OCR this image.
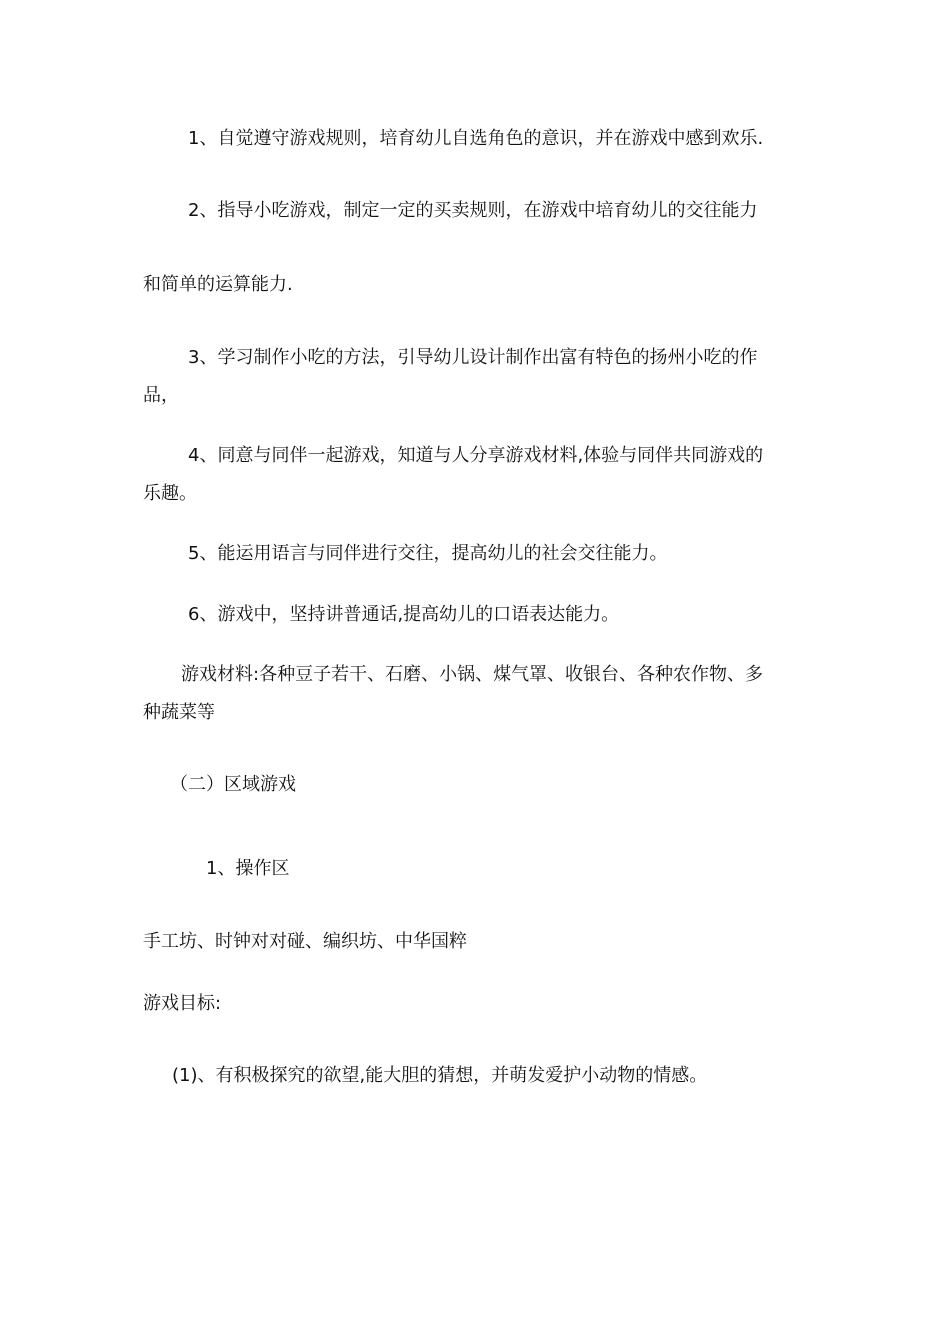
1、自觉遵守游戏规则，培育幼儿自选角色的意识，并在游戏中感到欢乐.
2、指导小吃游戏，制定一定的买卖规则，在游戏中培育幼儿的交往能力
和简单的运算能力.
3、学习制作小吃的方法，引导幼儿设计制作出富有特色的扬州小吃的作
品，
4、同意与同伴一起游戏，知道与人分享游戏材料,体验与同伴共同游戏的
乐趣。
5、能运用语言与同伴进行交往，提高幼儿的社会交往能力。
6、游戏中，坚持讲普通话,提高幼儿的口语表达能力。
游戏材料:各种豆子若干、石磨、小锅、煤气罩、收银台、各种农作物、多
种蔬菜等
（二）区域游戏
1、操作区
手工坊、时钟对对碰、编织坊、中华国粹
游戏目标:
(1)、有积极探究的欲望,能大胆的猜想，并萌发爱护小动物的情感。
